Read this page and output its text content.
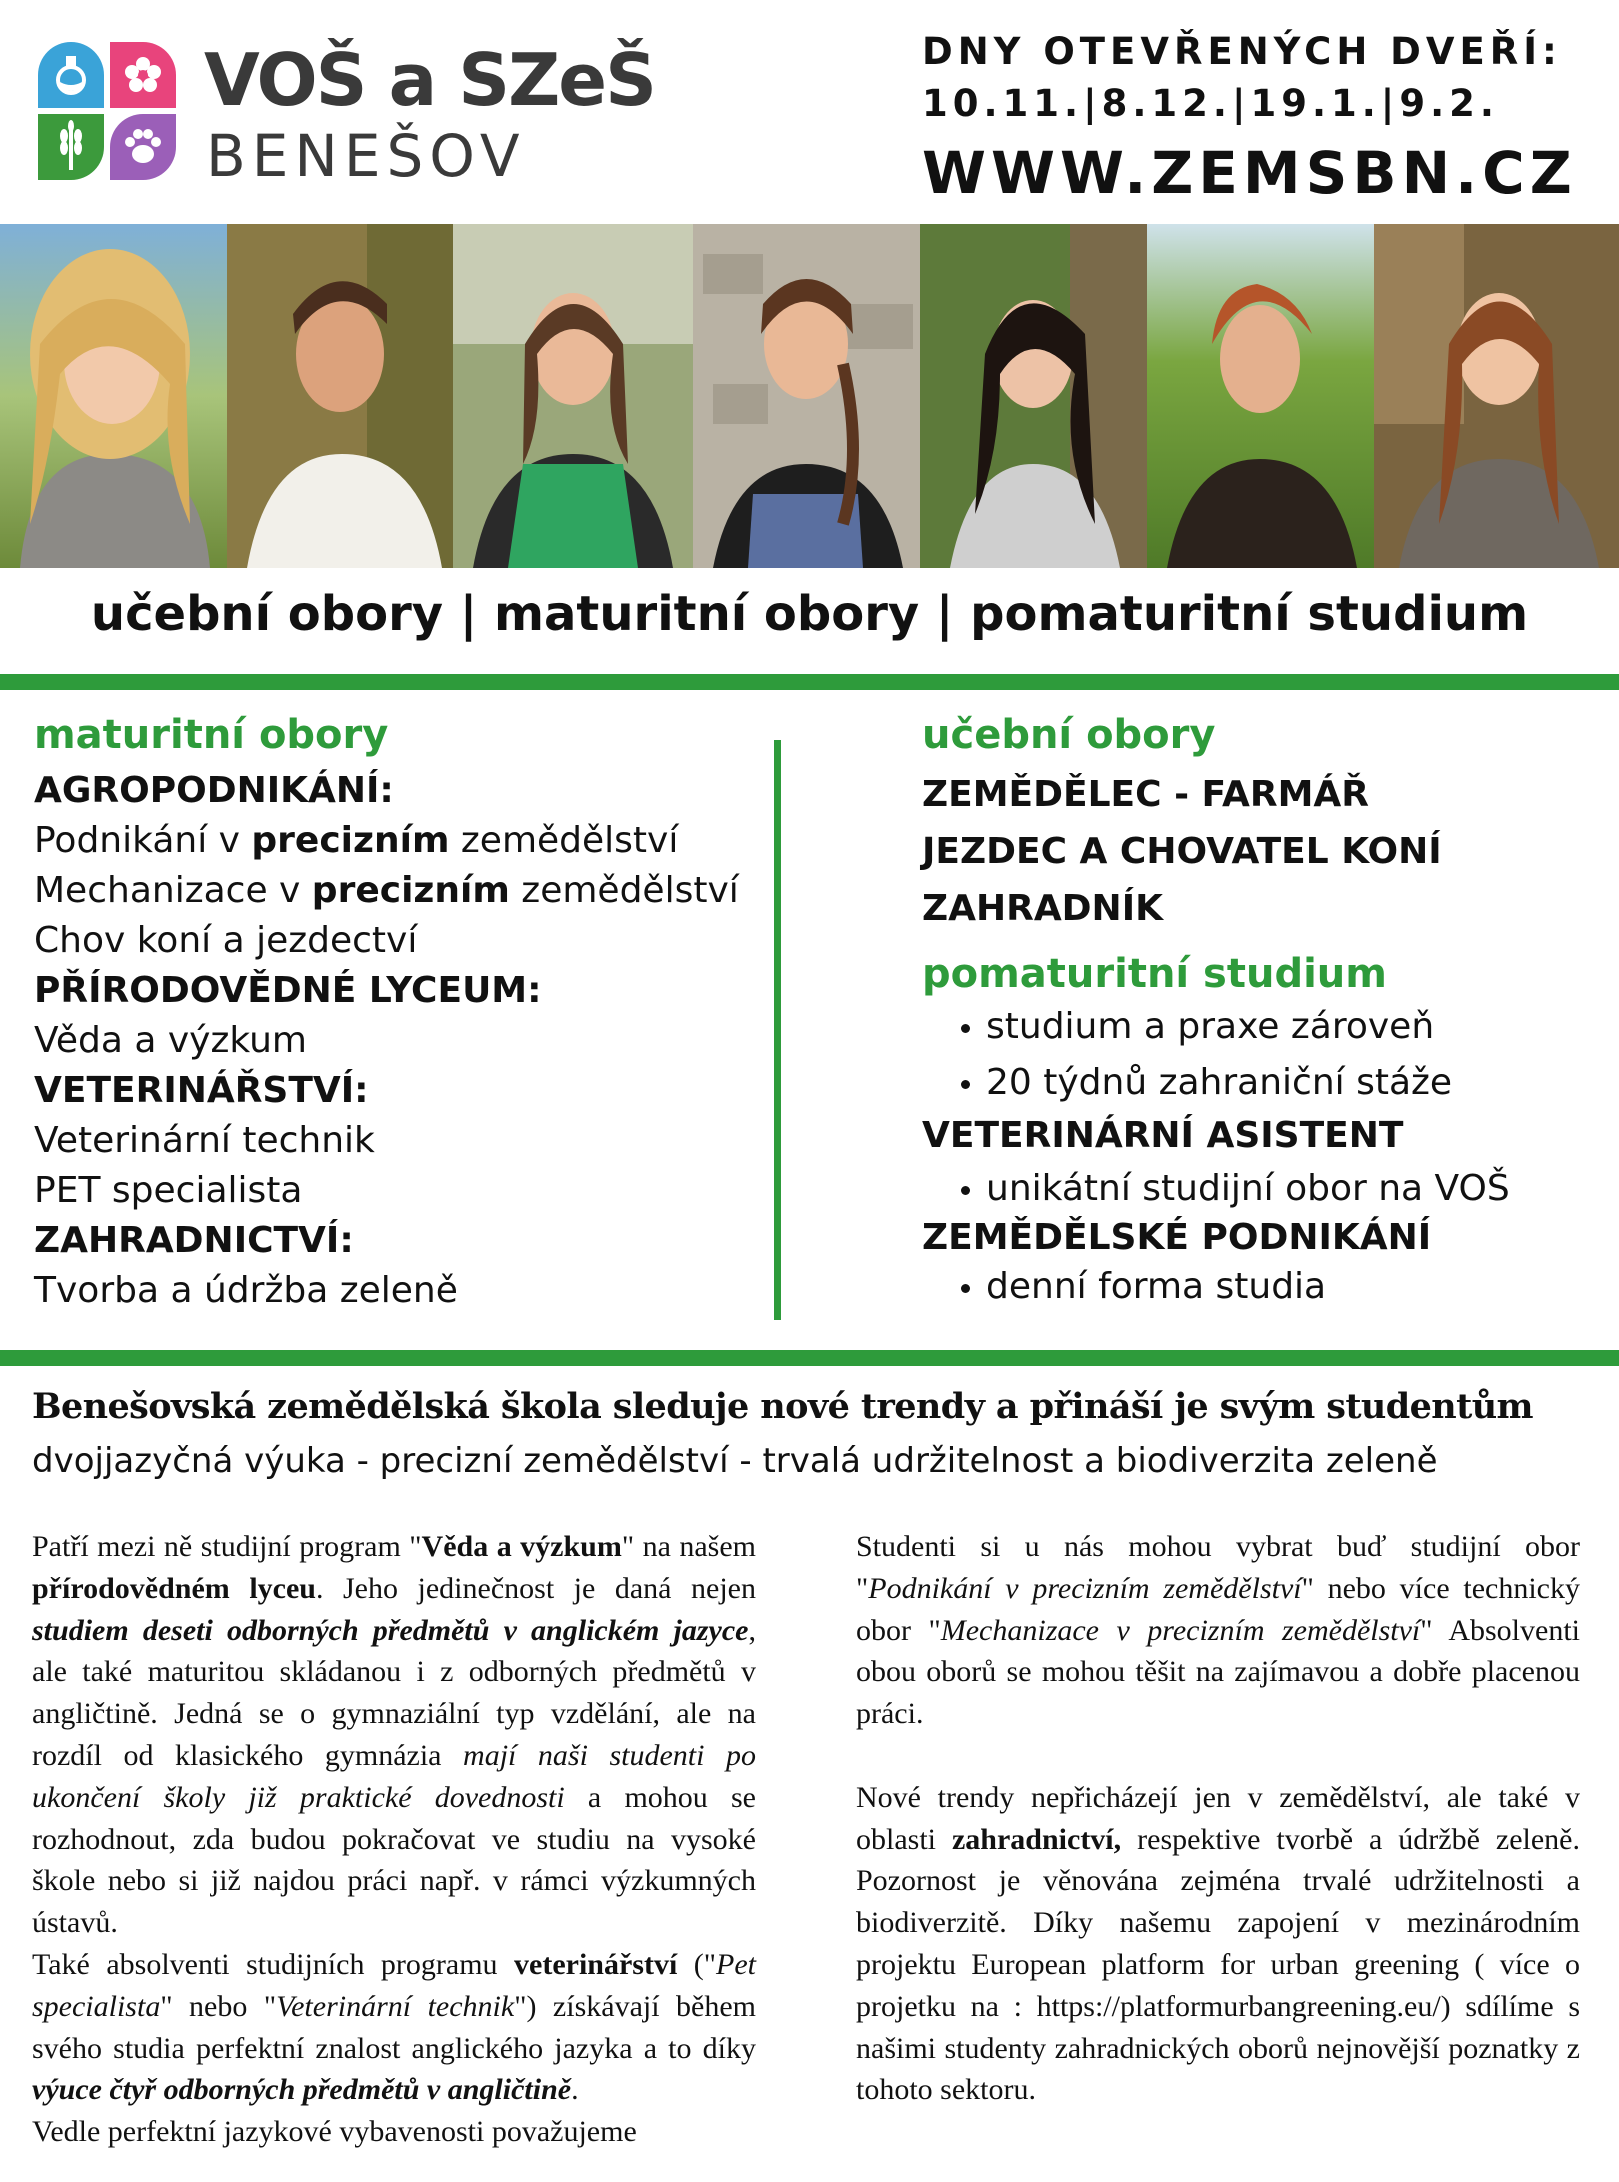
VOŠ a SZeŠ
BENEŠOV
DNY OTEVŘENÝCH DVEŘÍ:
10.11.|8.12.|19.1.|9.2.
WWW.ZEMSBN.CZ
učební obory | maturitní obory | pomaturitní studium
maturitní obory
AGROPODNIKÁNÍ:
Podnikání v precizním zemědělství
Mechanizace v precizním zemědělství
Chov koní a jezdectví
PŘÍRODOVĚDNÉ LYCEUM:
Věda a výzkum
VETERINÁŘSTVÍ:
Veterinární technik
PET specialista
ZAHRADNICTVÍ:
Tvorba a údržba zeleně
učební obory
ZEMĚDĚLEC - FARMÁŘ
JEZDEC A CHOVATEL KONÍ
ZAHRADNÍK
pomaturitní studium
• studium a praxe zároveň
• 20 týdnů zahraniční stáže
VETERINÁRNÍ ASISTENT
• unikátní studijní obor na VOŠ
ZEMĚDĚLSKÉ PODNIKÁNÍ
• denní forma studia
Benešovská zemědělská škola sleduje nové trendy a přináší je svým studentům
dvojjazyčná výuka - precizní zemědělství - trvalá udržitelnost a biodiverzita zeleně

Patří mezi ně studijní program "Věda a výzkum" na našem přírodovědném lyceu. Jeho jedinečnost je daná nejen studiem deseti odborných předmětů v anglickém jazyce, ale také maturitou skládanou i z odborných předmětů v angličtině. Jedná se o gymnaziální typ vzdělání, ale na rozdíl od klasického gymnázia mají naši studenti po ukončení školy již praktické dovednosti a mohou se rozhodnout, zda budou pokračovat ve studiu na vysoké škole nebo si již najdou práci např. v rámci výzkumných ústavů.

Také absolventi studijních programu veterinářství ("Pet specialista" nebo "Veterinární technik") získávají během svého studia perfektní znalost anglického jazyka a to díky výuce čtyř odborných předmětů v angličtině.

Vedle perfektní jazykové vybavenosti považujeme

Studenti si u nás mohou vybrat buď studijní obor "Podnikání v precizním zemědělství" nebo více technický obor "Mechanizace v precizním zemědělství" Absolventi obou oborů se mohou těšit na zajímavou a dobře placenou práci.

Nové trendy nepřicházejí jen v zemědělství, ale také v oblasti zahradnictví, respektive tvorbě a údržbě zeleně. Pozornost je věnována zejména trvalé udržitelnosti a biodiverzitě. Díky našemu zapojení v mezinárodním projektu European platform for urban greening ( více o projetku na : https://platformurbangreening.eu/) sdílíme s našimi studenty zahradnických oborů nejnovější poznatky z tohoto sektoru.
